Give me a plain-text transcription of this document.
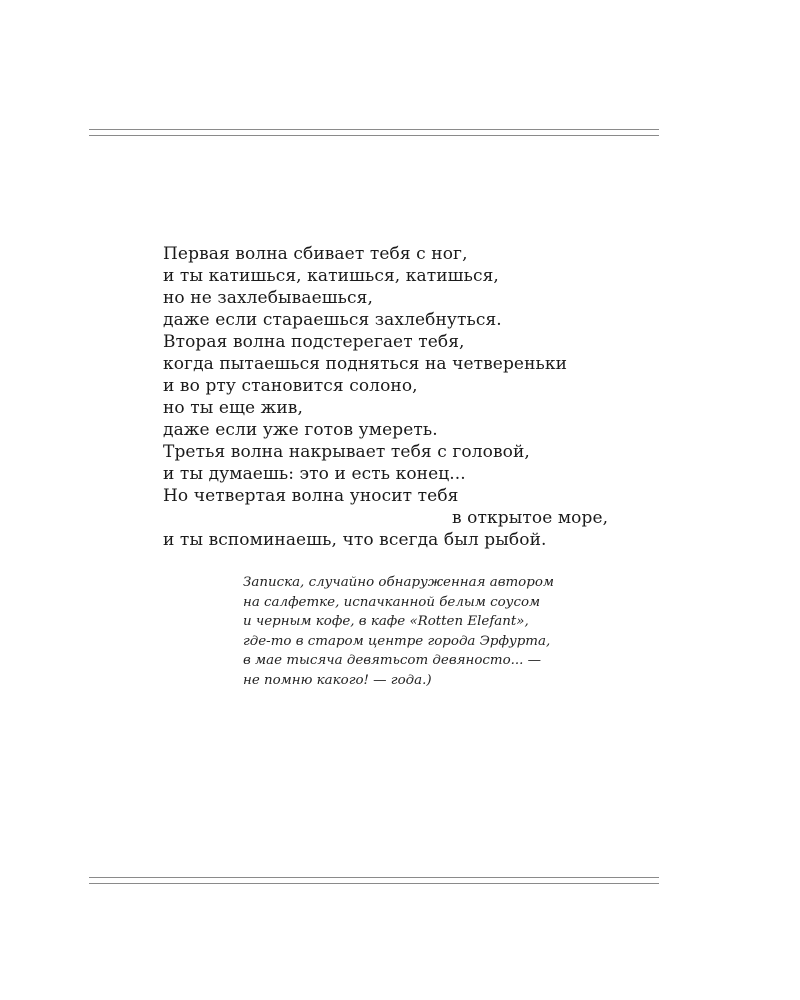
Первая волна сбивает тебя с ног,
и ты катишься, катишься, катишься,
но не захлебываешься,
даже если стараешься захлебнуться.
Вторая волна подстерегает тебя,
когда пытаешься подняться на четвереньки
и во рту становится солоно,
но ты еще жив,
даже если уже готов умереть.
Третья волна накрывает тебя с головой,
и ты думаешь: это и есть конец...
Но четвертая волна уносит тебя
в открытое море,
и ты вспоминаешь, что всегда был рыбой.
Записка, случайно обнаруженная автором
на салфетке, испачканной белым соусом
и черным кофе, в кафе «Rotten Elefant»,
где-то в старом центре города Эрфурта,
в мае тысяча девятьсот девяносто... —
не помню какого! — года.)
